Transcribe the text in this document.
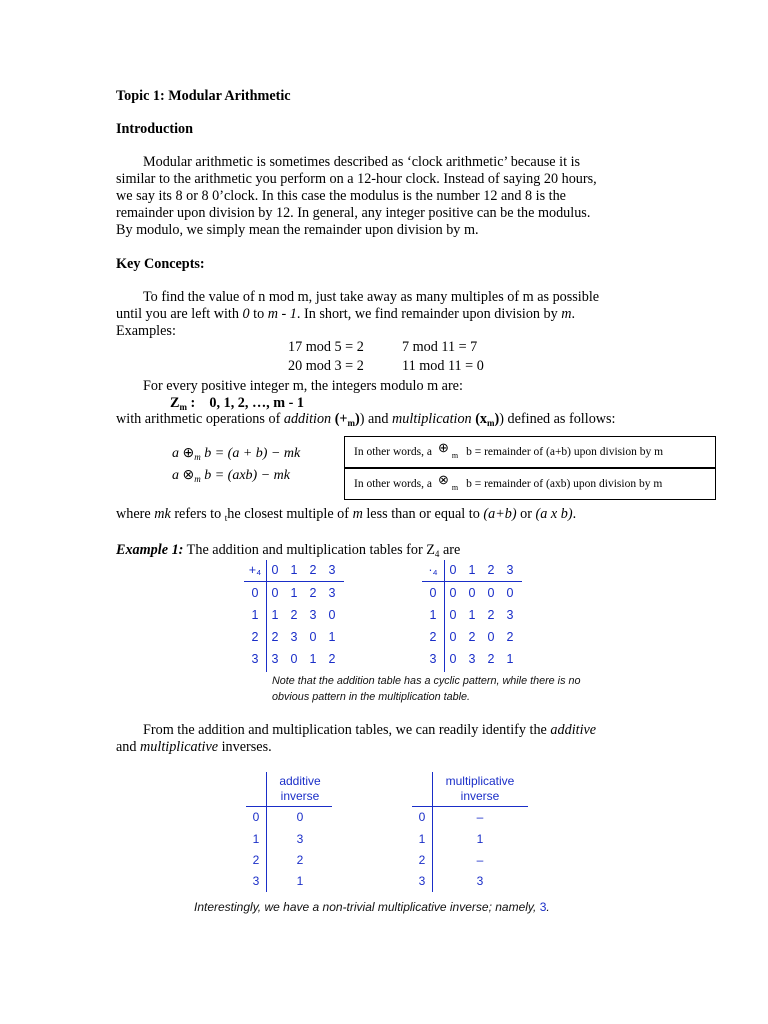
Topic 1: Modular Arithmetic
Introduction
Modular arithmetic is sometimes described as ‘clock arithmetic’ because it is
similar to the arithmetic you perform on a 12-hour clock. Instead of saying 20 hours,
we say its 8 or 8 0’clock. In this case the modulus is the number 12 and 8 is the
remainder upon division by 12. In general, any integer positive can be the modulus.
By modulo, we simply mean the remainder upon division by m.
Key Concepts:
To find the value of n mod m, just take away as many multiples of m as possible
until you are left with 0 to m - 1. In short, we find remainder upon division by m.
Examples:
17 mod 5 = 2	7 mod 11 = 7
20 mod 3 = 2	11 mod 11 = 0
For every positive integer m, the integers modulo m are:
$Z_m$ :    0, 1, 2, …, m - 1
with arithmetic operations of addition $(+_m)$) and multiplication $(x_m)$) defined as follows:
a $\oplus_m$ b = (a + b) − mk
a $\otimes_m$ b = (axb) − mk
In other words, a ⊕ m b = remainder of (a+b) upon division by m
In other words, a ⊗ m b = remainder of (axb) upon division by m
where mk refers to $_t$he closest multiple of m less than or equal to (a+b) or (a x b).
Example 1: The addition and multiplication tables for $Z_4$ are
+₄ 0 1 2 3
0	0 1 2 3
1	1 2 3 0
2	2 3 0 1
3	3 0 1 2
·₄ 0 1 2 3
0	0 0 0 0
1	0 1 2 3
2	0 2 0 2
3	0 3 2 1
Note that the addition table has a cyclic pattern, while there is no
obvious pattern in the multiplication table.
From the addition and multiplication tables, we can readily identify the additive
and multiplicative inverses.
additive
inverse
0	0
1	3
2	2
3	1
multiplicative
inverse
0	–
1	1
2	–
3	3
Interestingly, we have a non-trivial multiplicative inverse; namely, 3.
